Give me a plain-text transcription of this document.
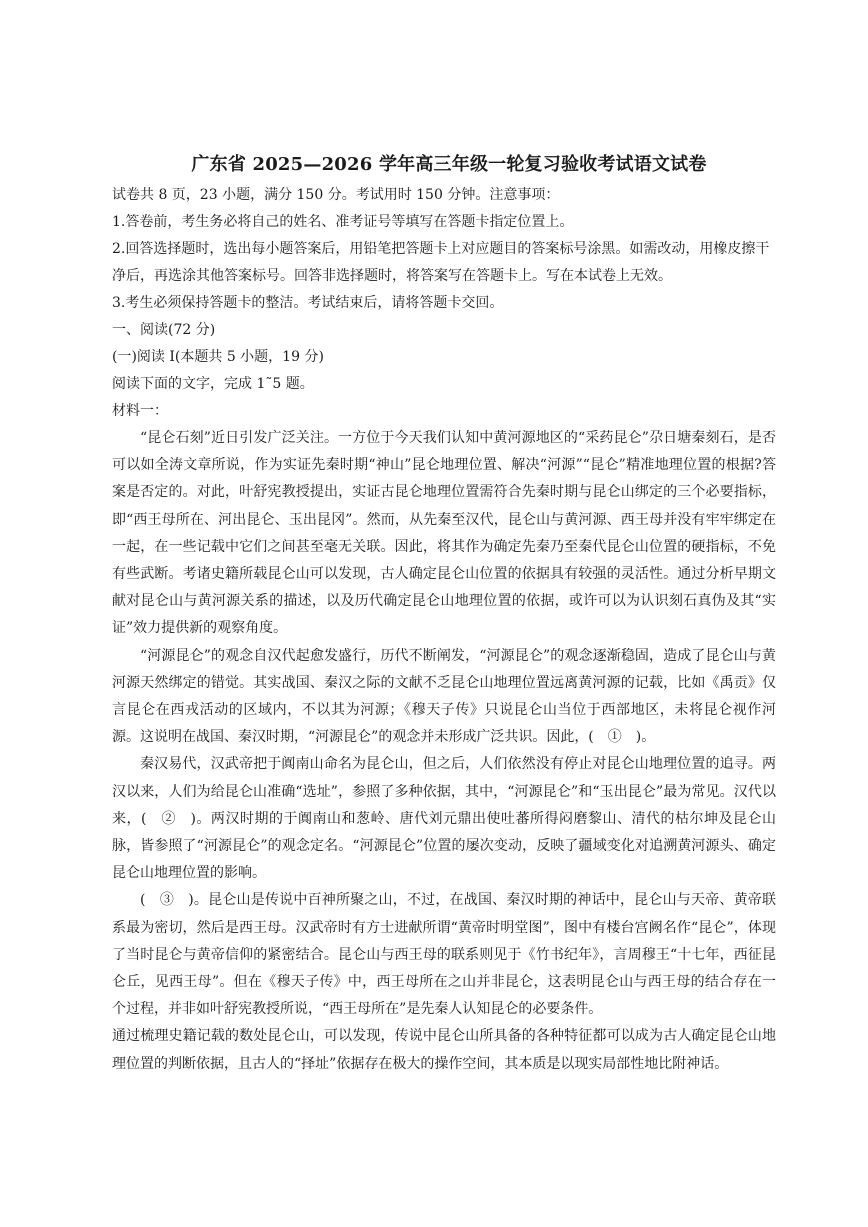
广东省 2025—2026 学年高三年级一轮复习验收考试语文试卷

试卷共 8 页，23 小题，满分 150 分。考试用时 150 分钟。注意事项：

1.答卷前，考生务必将自己的姓名、准考证号等填写在答题卡指定位置上。

2.回答选择题时，选出每小题答案后，用铅笔把答题卡上对应题目的答案标号涂黑。如需改动，用橡皮擦干净后，再选涂其他答案标号。回答非选择题时，将答案写在答题卡上。写在本试卷上无效。

3.考生必须保持答题卡的整洁。考试结束后，请将答题卡交回。

一、阅读(72 分)

(一)阅读 I(本题共 5 小题，19 分)

阅读下面的文字，完成 1˜5 题。

材料一：

“昆仑石刻”近日引发广泛关注。一方位于今天我们认知中黄河源地区的“采药昆仑”尕日塘秦刻石，是否可以如全涛文章所说，作为实证先秦时期“神山”昆仑地理位置、解决“河源”“昆仑”精准地理位置的根据?答案是否定的。对此，叶舒宪教授提出，实证古昆仑地理位置需符合先秦时期与昆仑山绑定的三个必要指标，即“西王母所在、河出昆仑、玉出昆冈”。然而，从先秦至汉代，昆仑山与黄河源、西王母并没有牢牢绑定在一起，在一些记载中它们之间甚至毫无关联。因此，将其作为确定先秦乃至秦代昆仑山位置的硬指标，不免有些武断。考诸史籍所载昆仑山可以发现，古人确定昆仑山位置的依据具有较强的灵活性。通过分析早期文献对昆仑山与黄河源关系的描述，以及历代确定昆仑山地理位置的依据，或许可以为认识刻石真伪及其“实证”效力提供新的观察角度。

“河源昆仑”的观念自汉代起愈发盛行，历代不断阐发，“河源昆仑”的观念逐渐稳固，造成了昆仑山与黄河源天然绑定的错觉。其实战国、秦汉之际的文献不乏昆仑山地理位置远离黄河源的记载，比如《禹贡》仅言昆仑在西戎活动的区域内，不以其为河源；《穆天子传》只说昆仑山当位于西部地区，未将昆仑视作河源。这说明在战国、秦汉时期，“河源昆仑”的观念并未形成广泛共识。因此，(　①　)。

秦汉易代，汉武帝把于阗南山命名为昆仑山，但之后，人们依然没有停止对昆仑山地理位置的追寻。两汉以来，人们为给昆仑山准确“选址”，参照了多种依据，其中，“河源昆仑”和“玉出昆仑”最为常见。汉代以来，(　②　)。两汉时期的于阗南山和葱岭、唐代刘元鼎出使吐蕃所得闷磨黎山、清代的枯尔坤及昆仑山脉，皆参照了“河源昆仑”的观念定名。“河源昆仑”位置的屡次变动，反映了疆域变化对追溯黄河源头、确定昆仑山地理位置的影响。

(　③　)。昆仑山是传说中百神所聚之山，不过，在战国、秦汉时期的神话中，昆仑山与天帝、黄帝联系最为密切，然后是西王母。汉武帝时有方士进献所谓“黄帝时明堂图”，图中有楼台宫阙名作“昆仑”，体现了当时昆仑与黄帝信仰的紧密结合。昆仑山与西王母的联系则见于《竹书纪年》，言周穆王“十七年，西征昆仑丘，见西王母”。但在《穆天子传》中，西王母所在之山并非昆仑，这表明昆仑山与西王母的结合存在一个过程，并非如叶舒宪教授所说，“西王母所在”是先秦人认知昆仑的必要条件。

通过梳理史籍记载的数处昆仑山，可以发现，传说中昆仑山所具备的各种特征都可以成为古人确定昆仑山地理位置的判断依据，且古人的“择址”依据存在极大的操作空间，其本质是以现实局部性地比附神话。
